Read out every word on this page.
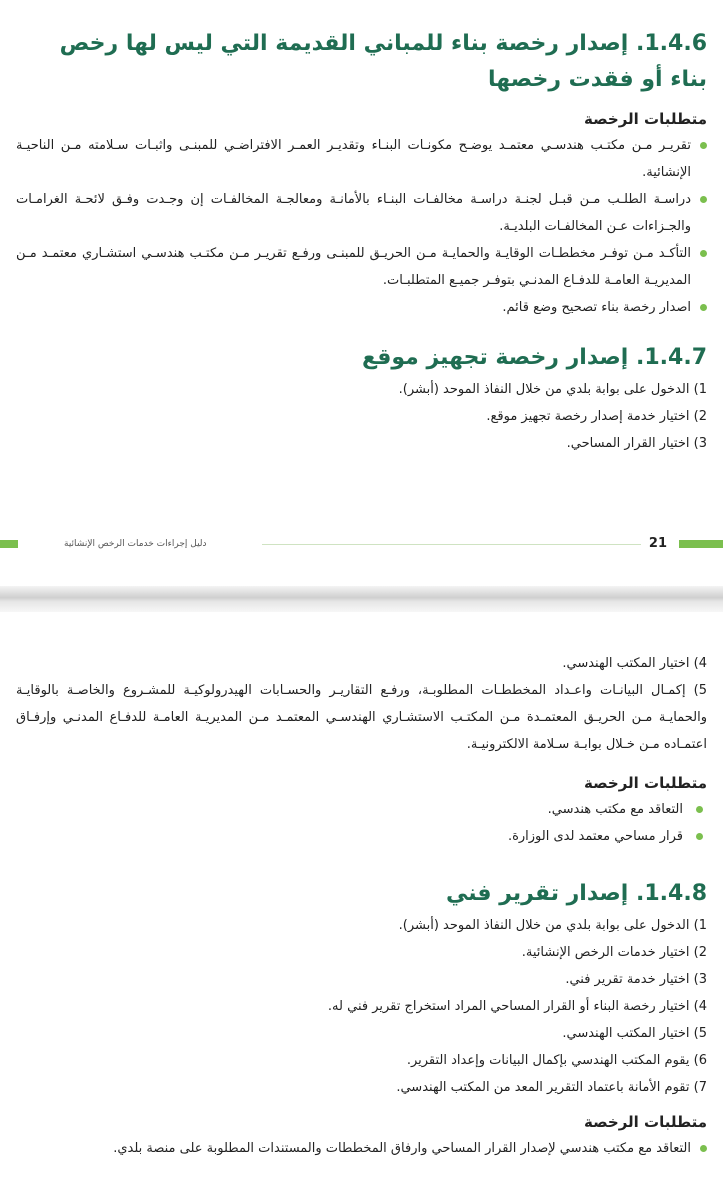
1.4.6. إصدار رخصة بناء للمباني القديمة التي ليس لها رخص بناء أو فقدت رخصها
متطلبات الرخصة
تقريـر مـن مكتـب هندسـي معتمـد يوضـح مكونـات البنـاء وتقديـر العمـر الافتراضـي للمبنـى واثبـات سـلامته مـن الناحيـة الإنشائية.
دراسـة الطلـب مـن قبـل لجنـة دراسـة مخالفـات البنـاء بالأمانـة ومعالجـة المخالفـات إن وجـدت وفـق لائحـة الغرامـات والجـزاءات عـن المخالفـات البلديـة.
التأكـد مـن توفـر مخططـات الوقايـة والحمايـة مـن الحريـق للمبنـى ورفـع تقريـر مـن مكتـب هندسـي استشـاري معتمـد مـن المديريـة العامـة للدفـاع المدنـي بتوفـر جميـع المتطلبـات.
اصدار رخصة بناء تصحيح وضع قائم.
1.4.7. إصدار رخصة تجهيز موقع
1) الدخول على بوابة بلدي من خلال النفاذ الموحد (أبشر).
2) اختيار خدمة إصدار رخصة تجهيز موقع.
3) اختيار القرار المساحي.
21
دليل إجراءات خدمات الرخص الإنشائية
4) اختيار المكتب الهندسي.
5) إكمـال البيانـات واعـداد المخططـات المطلوبـة، ورفـع التقاريـر والحسـابات الهيدرولوكيـة للمشـروع والخاصـة بالوقايـة والحمايـة مـن الحريـق المعتمـدة مـن المكتـب الاستشـاري الهندسـي المعتمـد مـن المديريـة العامـة للدفـاع المدنـي وإرفـاق اعتمـاده مـن خـلال بوابـة سـلامة الالكترونيـة.
متطلبات الرخصة
التعاقد مع مكتب هندسي.
قرار مساحي معتمد لدى الوزارة.
1.4.8. إصدار تقرير فني
1) الدخول على بوابة بلدي من خلال النفاذ الموحد (أبشر).
2) اختيار خدمات الرخص الإنشائية.
3) اختيار خدمة تقرير فني.
4) اختيار رخصة البناء أو القرار المساحي المراد استخراج تقرير فني له.
5) اختيار المكتب الهندسي.
6) يقوم المكتب الهندسي بإكمال البيانات وإعداد التقرير.
7) تقوم الأمانة باعتماد التقرير المعد من المكتب الهندسي.
متطلبات الرخصة
التعاقد مع مكتب هندسي لإصدار القرار المساحي وارفاق المخططات والمستندات المطلوبة على منصة بلدي.
